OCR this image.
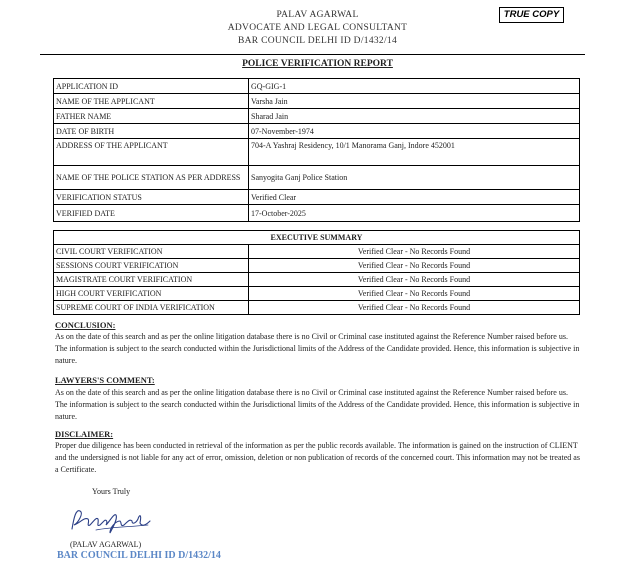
PALAV AGARWAL
ADVOCATE AND LEGAL CONSULTANT
BAR COUNCIL DELHI ID D/1432/14
TRUE COPY
POLICE VERIFICATION REPORT
APPLICATION ID	GQ-GIG-1
NAME OF THE APPLICANT	Varsha Jain
FATHER NAME	Sharad Jain
DATE OF BIRTH	07-November-1974
ADDRESS OF THE APPLICANT	704-A Yashraj Residency, 10/1 Manorama Ganj, Indore 452001
NAME OF THE POLICE STATION AS PER ADDRESS	Sanyogita Ganj Police Station
VERIFICATION STATUS	Verified Clear
VERIFIED DATE	17-October-2025
EXECUTIVE SUMMARY	
CIVIL COURT VERIFICATION	Verified Clear - No Records Found
SESSIONS COURT VERIFICATION	Verified Clear - No Records Found
MAGISTRATE COURT VERIFICATION	Verified Clear - No Records Found
HIGH COURT VERIFICATION	Verified Clear - No Records Found
SUPREME COURT OF INDIA VERIFICATION	Verified Clear - No Records Found
CONCLUSION:
As on the date of this search and as per the online litigation database there is no Civil or Criminal case instituted against the Reference Number raised before us. The information is subject to the search conducted within the Jurisdictional limits of the Address of the Candidate provided. Hence, this information is subjective in nature.
LAWYERS'S COMMENT:
As on the date of this search and as per the online litigation database there is no Civil or Criminal case instituted against the Reference Number raised before us. The information is subject to the search conducted within the Jurisdictional limits of the Address of the Candidate provided. Hence, this information is subjective in nature.
DISCLAIMER:
Proper due diligence has been conducted in retrieval of the information as per the public records available. The information is gained on the instruction of CLIENT and the undersigned is not liable for any act of error, omission, deletion or non publication of records of the concerned court. This information may not be treated as a Certificate.
Yours Truly
(PALAV AGARWAL)
BAR COUNCIL DELHI ID D/1432/14
